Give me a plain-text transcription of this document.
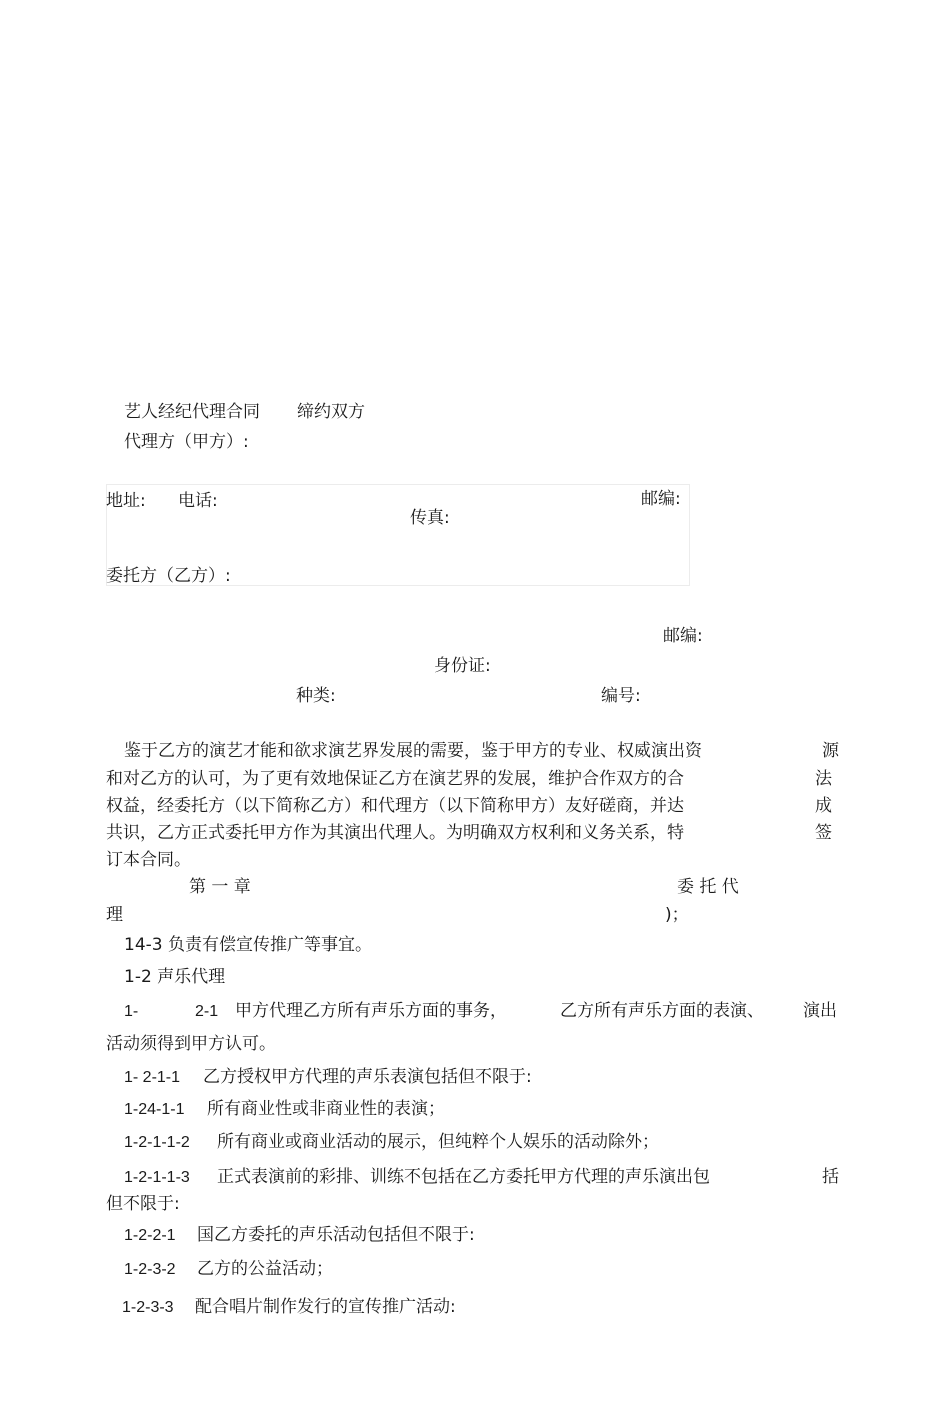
艺人经纪代理合同 缔约双方
代理方（甲方）:
地址: 电话:	邮编:
传真:
委托方（乙方）:
邮编:
身份证:
种类:	编号:
鉴于乙方的演艺才能和欲求演艺界发展的需要，鉴于甲方的专业、权威演出资	源
和对乙方的认可，为了更有效地保证乙方在演艺界的发展，维护合作双方的合	法
权益，经委托方（以下简称乙方）和代理方（以下简称甲方）友好磋商，并达	成
共识，乙方正式委托甲方作为其演出代理人。为明确双方权利和义务关系，特	签
订本合同。
第 一 章	委 托 代
理	)；
14-3 负责有偿宣传推广等事宜。
1-2 声乐代理
1-	2-1 甲方代理乙方所有声乐方面的事务，	乙方所有声乐方面的表演、 演出
活动须得到甲方认可。
1- 2-1-1 乙方授权甲方代理的声乐表演包括但不限于:
1-24-1-1 所有商业性或非商业性的表演；
1-2-1-1-2 所有商业或商业活动的展示，但纯粹个人娱乐的活动除外；
1-2-1-1-3 正式表演前的彩排、训练不包括在乙方委托甲方代理的声乐演出包	括
但不限于:
1-2-2-1 国乙方委托的声乐活动包括但不限于:
1-2-3-2 乙方的公益活动；
1-2-3-3 配合唱片制作发行的宣传推广活动:
